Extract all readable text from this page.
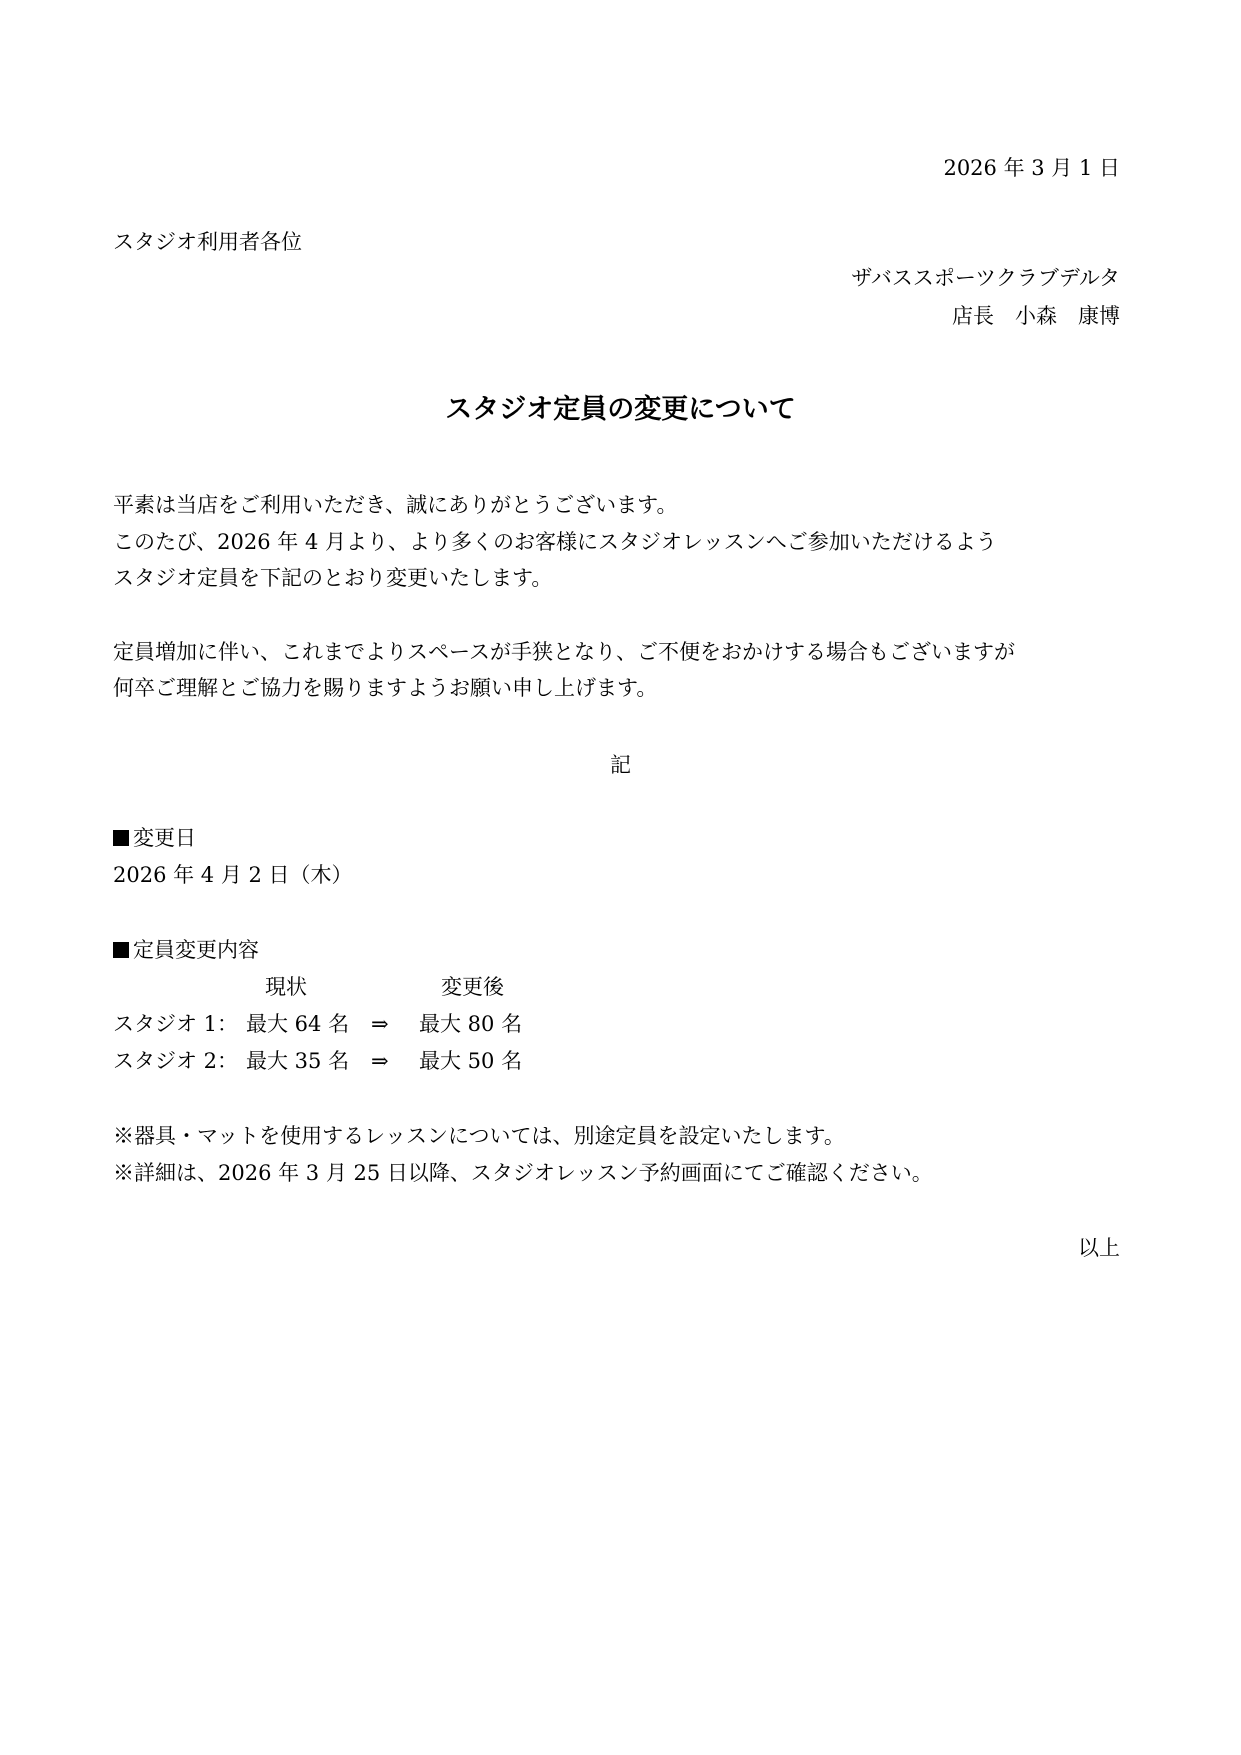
2026 年 3 月 1 日
スタジオ利用者各位
ザバススポーツクラブデルタ
店長　小森　康博
スタジオ定員の変更について
平素は当店をご利用いただき、誠にありがとうございます。
このたび、2026 年 4 月より、より多くのお客様にスタジオレッスンへご参加いただけるよう
スタジオ定員を下記のとおり変更いたします。
定員増加に伴い、これまでよりスペースが手狭となり、ご不便をおかけする場合もございますが
何卒ご理解とご協力を賜りますようお願い申し上げます。
記
変更日
2026 年 4 月 2 日（木）
定員変更内容
現状	変更後
スタジオ 1： 最大 64 名 ⇒ 最大 80 名
スタジオ 2： 最大 35 名 ⇒ 最大 50 名
※器具・マットを使用するレッスンについては、別途定員を設定いたします。
※詳細は、2026 年 3 月 25 日以降、スタジオレッスン予約画面にてご確認ください。
以上
